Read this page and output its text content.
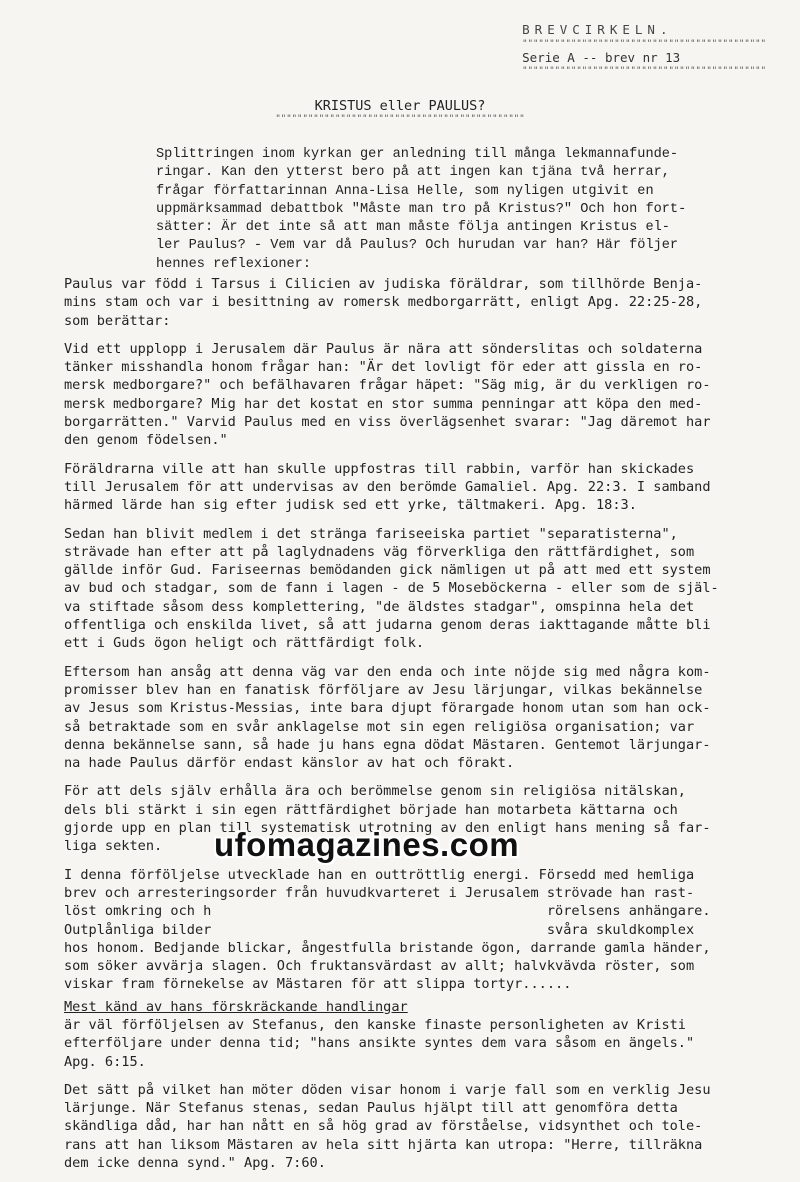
BREVCIRKELN.
"""""""""""""""""""""""""""""""""""""""""""""
Serie A -- brev nr 13
"""""""""""""""""""""""""""""""""""""""""""""
KRISTUS eller PAULUS?
""""""""""""""""""""""""""""""""""""""""""""""
Splittringen inom kyrkan ger anledning till många lekmannafunde-
ringar. Kan den ytterst bero på att ingen kan tjäna två herrar,
frågar författarinnan Anna-Lisa Helle, som nyligen utgivit en
uppmärksammad debattbok "Måste man tro på Kristus?" Och hon fort-
sätter: Är det inte så att man måste följa antingen Kristus el-
ler Paulus? - Vem var då Paulus? Och hurudan var han? Här följer
hennes reflexioner:
Paulus var född i Tarsus i Cilicien av judiska föräldrar, som tillhörde Benja-
mins stam och var i besittning av romersk medborgarrätt, enligt Apg. 22:25-28,
som berättar:
Vid ett upplopp i Jerusalem där Paulus är nära att sönderslitas och soldaterna
tänker misshandla honom frågar han: "Är det lovligt för eder att gissla en ro-
mersk medborgare?" och befälhavaren frågar häpet: "Säg mig, är du verkligen ro-
mersk medborgare? Mig har det kostat en stor summa penningar att köpa den med-
borgarrätten." Varvid Paulus med en viss överlägsenhet svarar: "Jag däremot har
den genom födelsen."
Föräldrarna ville att han skulle uppfostras till rabbin, varför han skickades
till Jerusalem för att undervisas av den berömde Gamaliel. Apg. 22:3. I samband
härmed lärde han sig efter judisk sed ett yrke, tältmakeri. Apg. 18:3.
Sedan han blivit medlem i det stränga fariseeiska partiet "separatisterna",
strävade han efter att på laglydnadens väg förverkliga den rättfärdighet, som
gällde inför Gud. Fariseernas bemödanden gick nämligen ut på att med ett system
av bud och stadgar, som de fann i lagen - de 5 Moseböckerna - eller som de själ-
va stiftade såsom dess komplettering, "de äldstes stadgar", omspinna hela det
offentliga och enskilda livet, så att judarna genom deras iakttagande måtte bli
ett i Guds ögon heligt och rättfärdigt folk.
Eftersom han ansåg att denna väg var den enda och inte nöjde sig med några kom-
promisser blev han en fanatisk förföljare av Jesu lärjungar, vilkas bekännelse
av Jesus som Kristus-Messias, inte bara djupt förargade honom utan som han ock-
så betraktade som en svår anklagelse mot sin egen religiösa organisation; var
denna bekännelse sann, så hade ju hans egna dödat Mästaren. Gentemot lärjungar-
na hade Paulus därför endast känslor av hat och förakt.
För att dels själv erhålla ära och berömmelse genom sin religiösa nitälskan,
dels bli stärkt i sin egen rättfärdighet började han motarbeta kättarna och
gjorde upp en plan till systematisk utrotning av den enligt hans mening så far-
liga sekten.
I denna förföljelse utvecklade han en outtröttlig energi. Försedd med hemliga
brev och arresteringsorder från huvudkvarteret i Jerusalem strövade han rast-
löst omkring och h                                         rörelsens anhängare.
Outplånliga bilder                                         svåra skuldkomplex
hos honom. Bedjande blickar, ångestfulla bristande ögon, darrande gamla händer,
som söker avvärja slagen. Och fruktansvärdast av allt; halvkvävda röster, som
viskar fram förnekelse av Mästaren för att slippa tortyr......
Mest känd av hans förskräckande handlingar
är väl förföljelsen av Stefanus, den kanske finaste personligheten av Kristi
efterföljare under denna tid; "hans ansikte syntes dem vara såsom en ängels."
Apg. 6:15.
Det sätt på vilket han möter döden visar honom i varje fall som en verklig Jesu
lärjunge. När Stefanus stenas, sedan Paulus hjälpt till att genomföra detta
skändliga dåd, har han nått en så hög grad av förståelse, vidsynthet och tole-
rans att han liksom Mästaren av hela sitt hjärta kan utropa: "Herre, tillräkna
dem icke denna synd." Apg. 7:60.
ufomagazines.com
